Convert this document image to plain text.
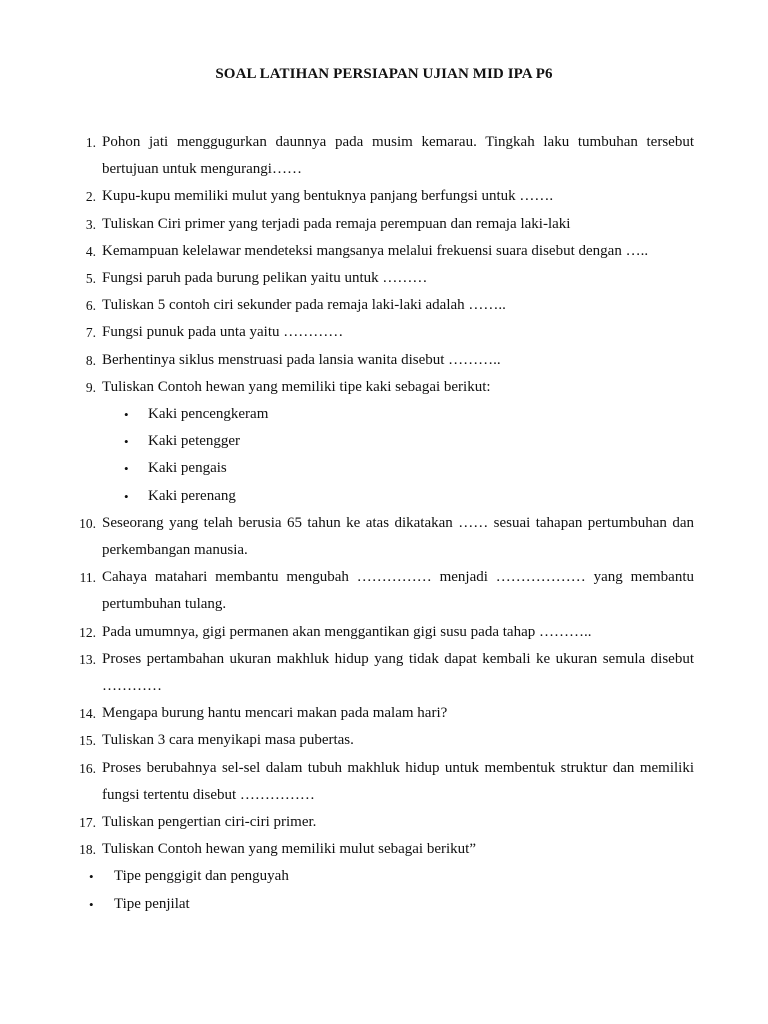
SOAL LATIHAN PERSIAPAN UJIAN MID IPA P6
1. Pohon jati menggugurkan daunnya pada musim kemarau. Tingkah laku tumbuhan tersebut bertujuan untuk mengurangi……
2. Kupu-kupu memiliki mulut yang bentuknya panjang berfungsi untuk …….
3. Tuliskan Ciri primer yang terjadi pada remaja perempuan dan remaja laki-laki
4. Kemampuan kelelawar mendeteksi mangsanya melalui frekuensi suara disebut dengan …..
5. Fungsi paruh pada burung pelikan yaitu untuk ………
6. Tuliskan 5 contoh ciri sekunder pada remaja laki-laki adalah ……..
7. Fungsi punuk pada unta yaitu …………
8. Berhentinya siklus menstruasi pada lansia wanita disebut ………..
9. Tuliskan Contoh hewan yang memiliki tipe kaki sebagai berikut:
• Kaki pencengkeram
• Kaki petengger
• Kaki pengais
• Kaki perenang
10. Seseorang yang telah berusia 65 tahun ke atas dikatakan …… sesuai tahapan pertumbuhan dan perkembangan manusia.
11. Cahaya matahari membantu mengubah …………… menjadi ……………… yang membantu pertumbuhan tulang.
12. Pada umumnya, gigi permanen akan menggantikan gigi susu pada tahap ………..
13. Proses pertambahan ukuran makhluk hidup yang tidak dapat kembali ke ukuran semula disebut …………
14. Mengapa burung hantu mencari makan pada malam hari?
15. Tuliskan 3 cara menyikapi masa pubertas.
16. Proses berubahnya sel-sel dalam tubuh makhluk hidup untuk membentuk struktur dan memiliki fungsi tertentu disebut ……………
17. Tuliskan pengertian ciri-ciri primer.
18. Tuliskan Contoh hewan yang memiliki mulut sebagai berikut”
• Tipe penggigit dan penguyah
• Tipe penjilat
